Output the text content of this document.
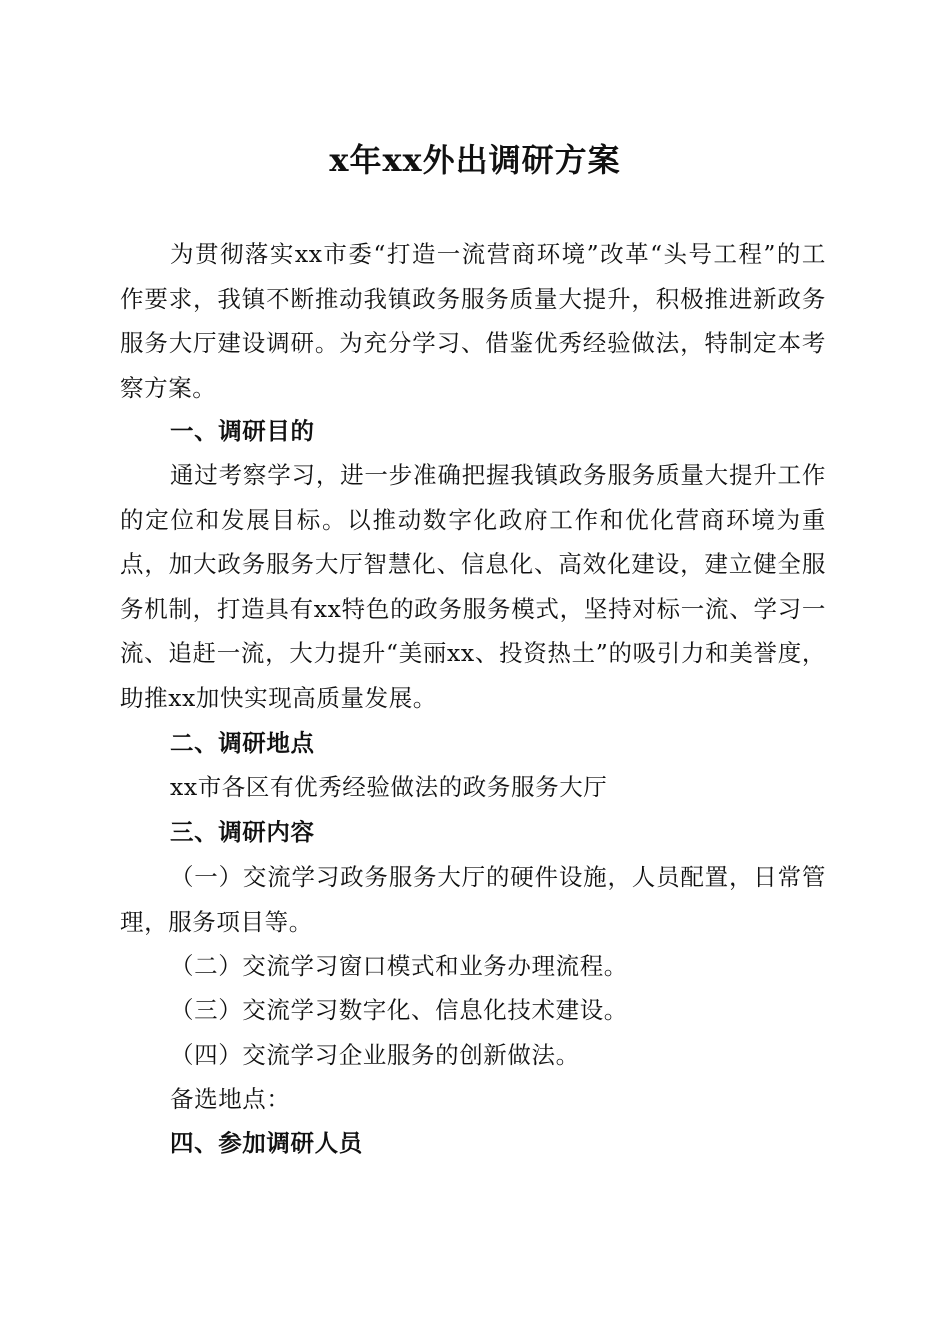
x年xx外出调研方案

为贯彻落实xx市委“打造一流营商环境”改革“头号工程”的工作要求，我镇不断推动我镇政务服务质量大提升，积极推进新政务服务大厅建设调研。为充分学习、借鉴优秀经验做法，特制定本考察方案。

一、调研目的

通过考察学习，进一步准确把握我镇政务服务质量大提升工作的定位和发展目标。以推动数字化政府工作和优化营商环境为重点，加大政务服务大厅智慧化、信息化、高效化建设，建立健全服务机制，打造具有xx特色的政务服务模式，坚持对标一流、学习一流、追赶一流，大力提升“美丽xx、投资热土”的吸引力和美誉度，助推xx加快实现高质量发展。

二、调研地点

xx市各区有优秀经验做法的政务服务大厅

三、调研内容

（一）交流学习政务服务大厅的硬件设施，人员配置，日常管理，服务项目等。

（二）交流学习窗口模式和业务办理流程。

（三）交流学习数字化、信息化技术建设。

（四）交流学习企业服务的创新做法。

备选地点：

四、参加调研人员
